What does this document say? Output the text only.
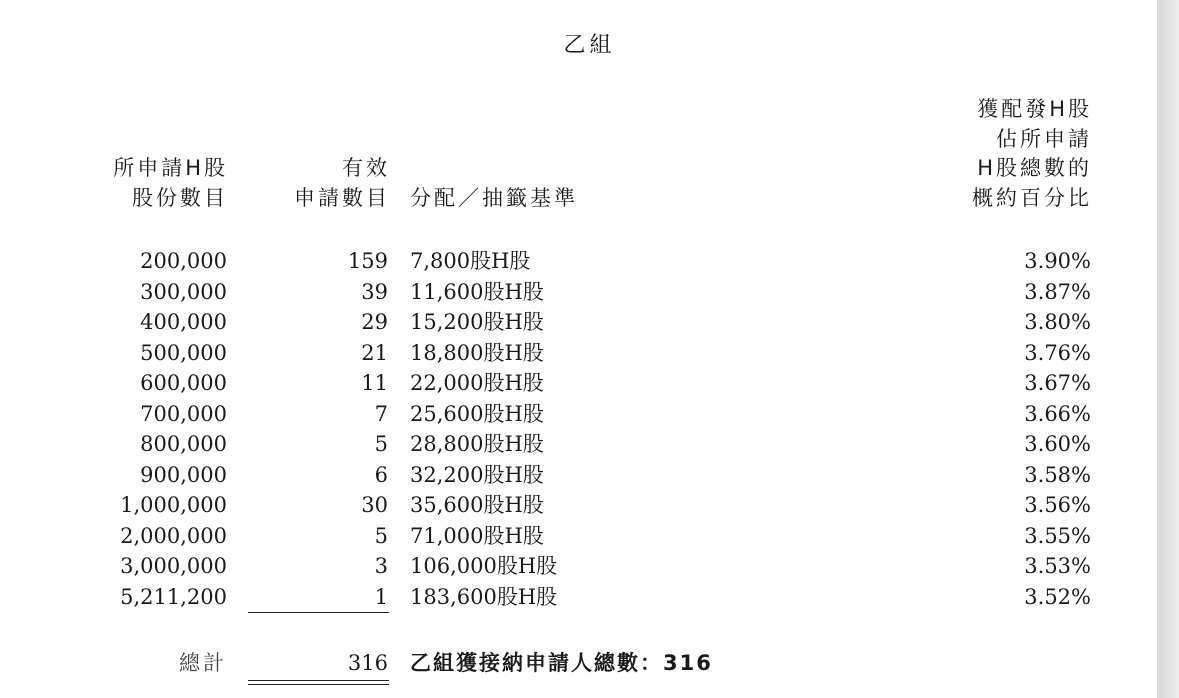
乙組
所申請H股
股份數目
有效
申請數目 分配／抽籤基準
獲配發H股
佔所申請
H股總數的
概約百分比
200,000	159 7,800股H股	3.90%
300,000	39 11,600股H股	3.87%
400,000	29 15,200股H股	3.80%
500,000	21 18,800股H股	3.76%
600,000	11 22,000股H股	3.67%
700,000	7 25,600股H股	3.66%
800,000	5 28,800股H股	3.60%
900,000	6 32,200股H股	3.58%
1,000,000	30 35,600股H股	3.56%
2,000,000	5 71,000股H股	3.55%
3,000,000	3 106,000股H股	3.53%
5,211,200	1 183,600股H股	3.52%
總計	316 乙組獲接納申請人總數：316
